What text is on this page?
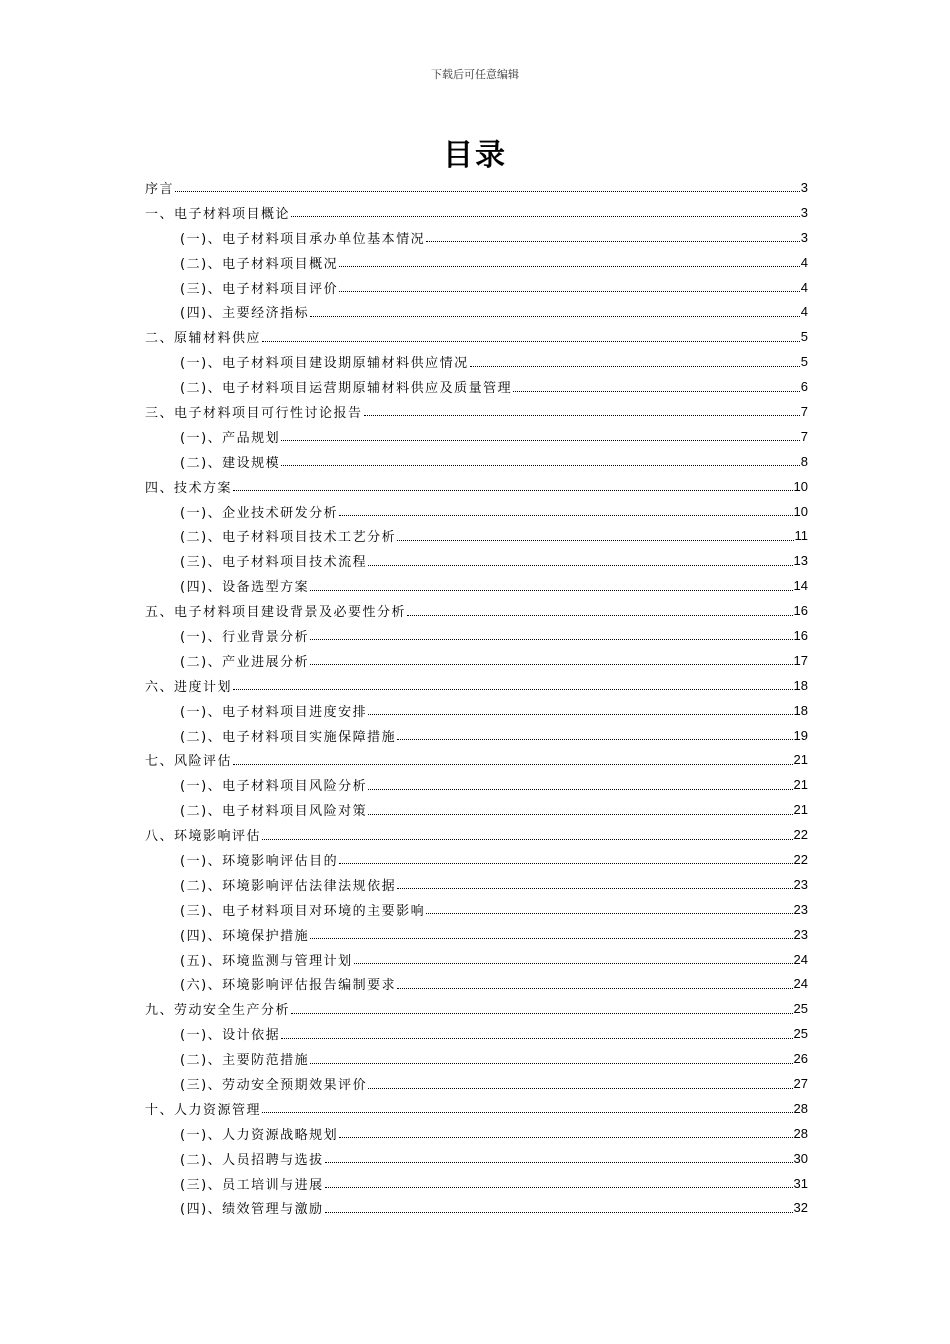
下载后可任意编辑
目录
序言	3
一、电子材料项目概论	3
(一)、电子材料项目承办单位基本情况	3
(二)、电子材料项目概况	4
(三)、电子材料项目评价	4
(四)、主要经济指标	4
二、原辅材料供应	5
(一)、电子材料项目建设期原辅材料供应情况	5
(二)、电子材料项目运营期原辅材料供应及质量管理	6
三、电子材料项目可行性讨论报告	7
(一)、产品规划	7
(二)、建设规模	8
四、技术方案	10
(一)、企业技术研发分析	10
(二)、电子材料项目技术工艺分析	11
(三)、电子材料项目技术流程	13
(四)、设备选型方案	14
五、电子材料项目建设背景及必要性分析	16
(一)、行业背景分析	16
(二)、产业进展分析	17
六、进度计划	18
(一)、电子材料项目进度安排	18
(二)、电子材料项目实施保障措施	19
七、风险评估	21
(一)、电子材料项目风险分析	21
(二)、电子材料项目风险对策	21
八、环境影响评估	22
(一)、环境影响评估目的	22
(二)、环境影响评估法律法规依据	23
(三)、电子材料项目对环境的主要影响	23
(四)、环境保护措施	23
(五)、环境监测与管理计划	24
(六)、环境影响评估报告编制要求	24
九、劳动安全生产分析	25
(一)、设计依据	25
(二)、主要防范措施	26
(三)、劳动安全预期效果评价	27
十、人力资源管理	28
(一)、人力资源战略规划	28
(二)、人员招聘与选拔	30
(三)、员工培训与进展	31
(四)、绩效管理与激励	32
